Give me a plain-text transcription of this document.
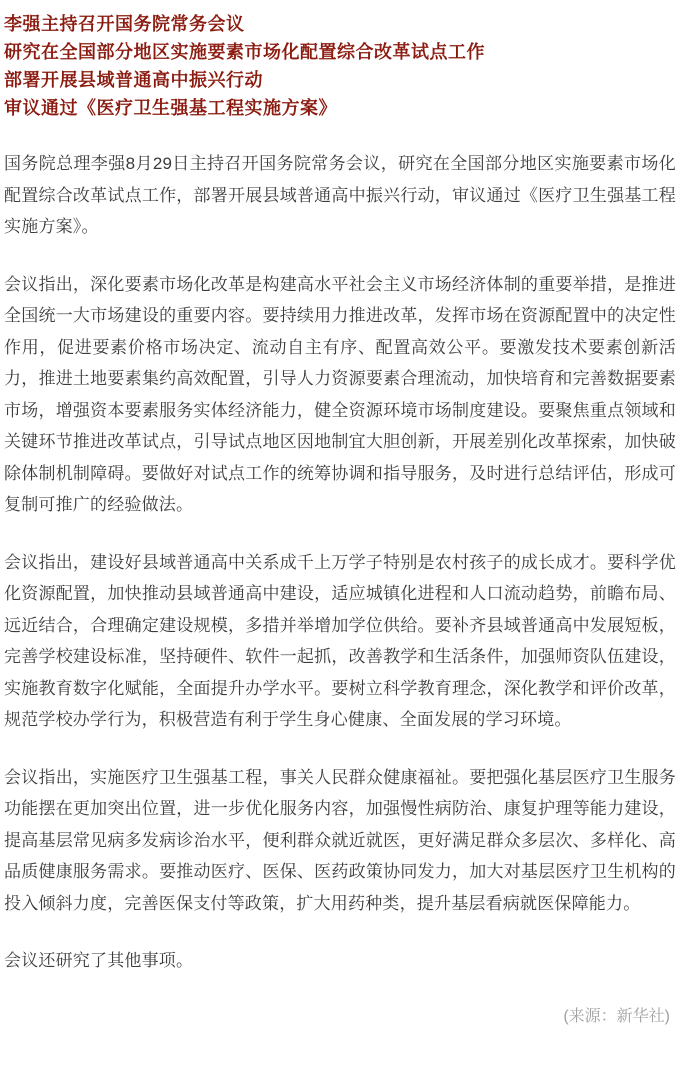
李强主持召开国务院常务会议
研究在全国部分地区实施要素市场化配置综合改革试点工作
部署开展县域普通高中振兴行动
审议通过《医疗卫生强基工程实施方案》

国务院总理李强8月29日主持召开国务院常务会议，研究在全国部分地区实施要素市场化配置综合改革试点工作，部署开展县域普通高中振兴行动，审议通过《医疗卫生强基工程实施方案》。

会议指出，深化要素市场化改革是构建高水平社会主义市场经济体制的重要举措，是推进全国统一大市场建设的重要内容。要持续用力推进改革，发挥市场在资源配置中的决定性作用，促进要素价格市场决定、流动自主有序、配置高效公平。要激发技术要素创新活力，推进土地要素集约高效配置，引导人力资源要素合理流动，加快培育和完善数据要素市场，增强资本要素服务实体经济能力，健全资源环境市场制度建设。要聚焦重点领域和关键环节推进改革试点，引导试点地区因地制宜大胆创新，开展差别化改革探索，加快破除体制机制障碍。要做好对试点工作的统筹协调和指导服务，及时进行总结评估，形成可复制可推广的经验做法。

会议指出，建设好县域普通高中关系成千上万学子特别是农村孩子的成长成才。要科学优化资源配置，加快推动县域普通高中建设，适应城镇化进程和人口流动趋势，前瞻布局、远近结合，合理确定建设规模，多措并举增加学位供给。要补齐县域普通高中发展短板，完善学校建设标准，坚持硬件、软件一起抓，改善教学和生活条件，加强师资队伍建设，实施教育数字化赋能，全面提升办学水平。要树立科学教育理念，深化教学和评价改革，规范学校办学行为，积极营造有利于学生身心健康、全面发展的学习环境。

会议指出，实施医疗卫生强基工程，事关人民群众健康福祉。要把强化基层医疗卫生服务功能摆在更加突出位置，进一步优化服务内容，加强慢性病防治、康复护理等能力建设，提高基层常见病多发病诊治水平，便利群众就近就医，更好满足群众多层次、多样化、高品质健康服务需求。要推动医疗、医保、医药政策协同发力，加大对基层医疗卫生机构的投入倾斜力度，完善医保支付等政策，扩大用药种类，提升基层看病就医保障能力。

会议还研究了其他事项。

(来源：新华社)
